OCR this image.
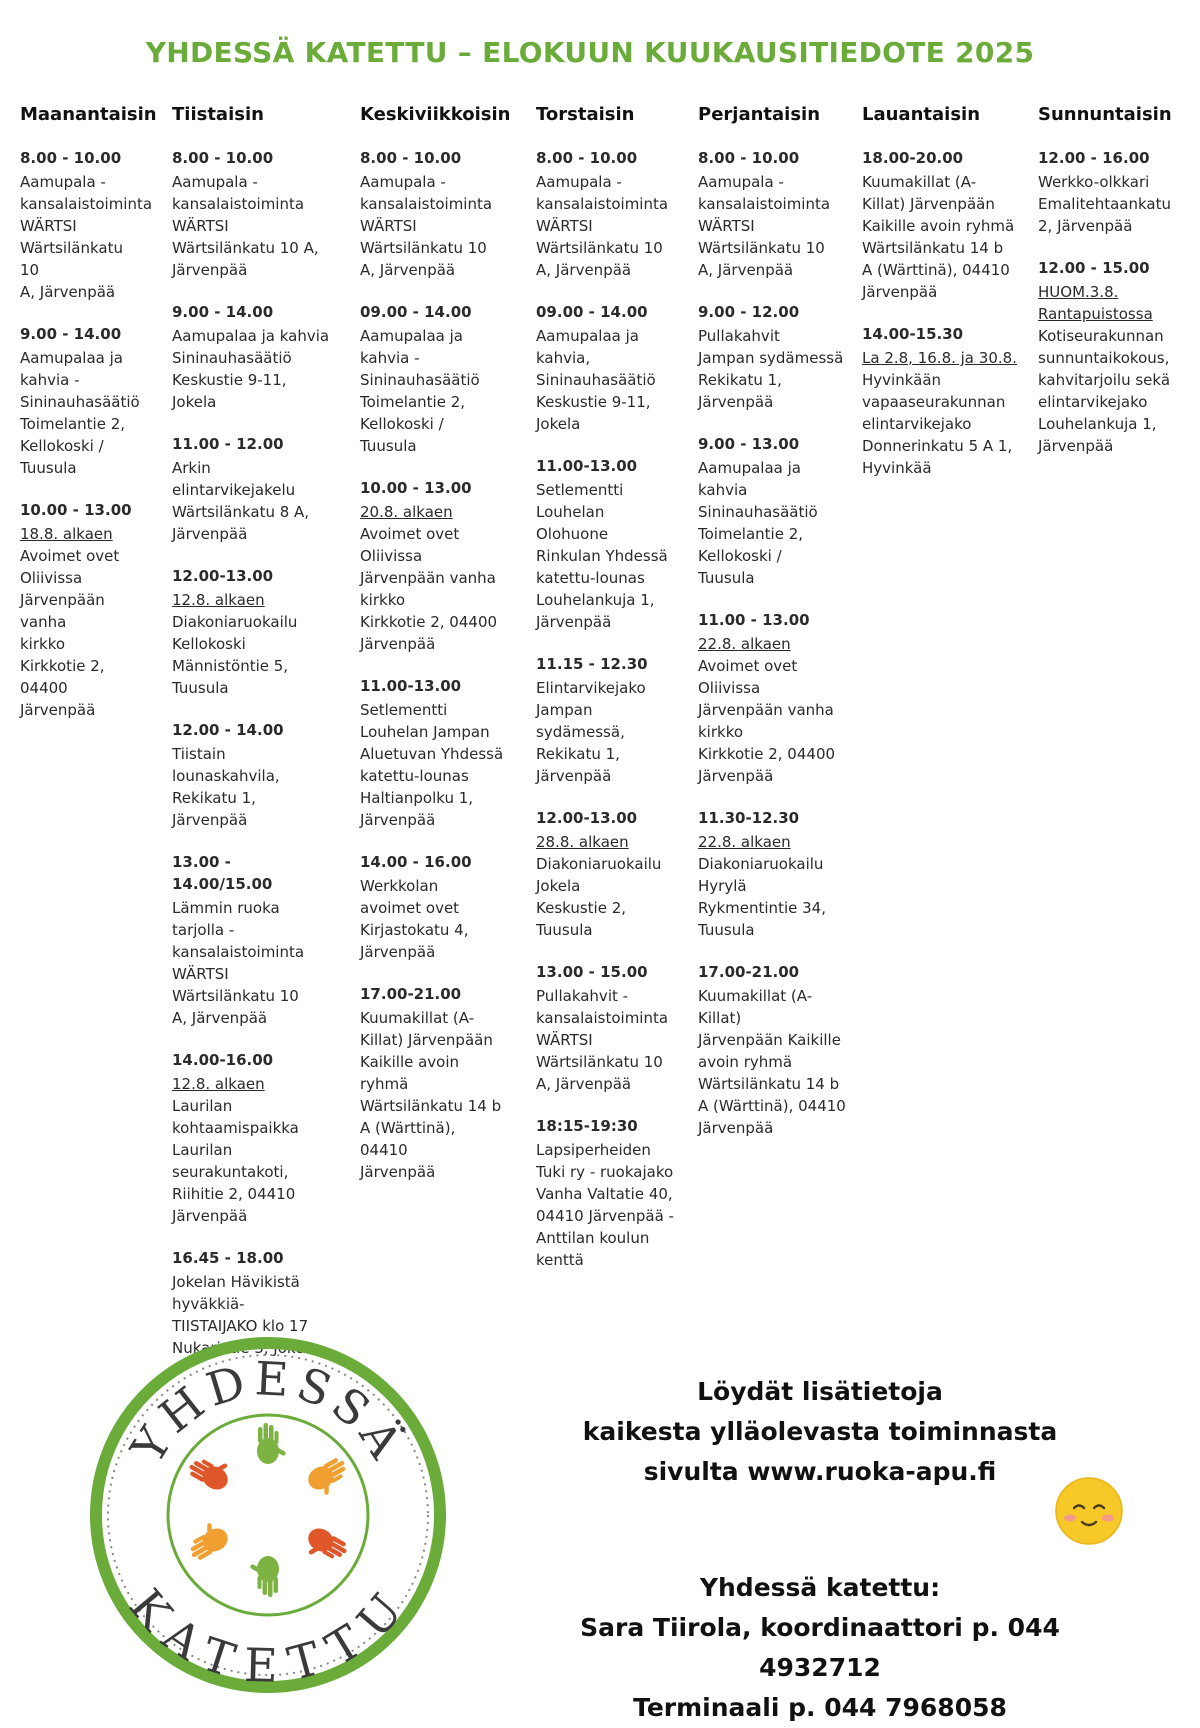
YHDESSÄ KATETTU – ELOKUUN KUUKAUSITIEDOTE 2025
Maanantaisin
8.00 - 10.00
Aamupala -
kansalaistoiminta
WÄRTSI
Wärtsilänkatu 10
A, Järvenpää
9.00 - 14.00
Aamupalaa ja
kahvia -
Sininauhasäätiö
Toimelantie 2,
Kellokoski /
Tuusula
10.00 - 13.00
18.8. alkaen
Avoimet ovet
Oliivissa
Järvenpään vanha
kirkko
Kirkkotie 2, 04400
Järvenpää
Tiistaisin
8.00 - 10.00
Aamupala -
kansalaistoiminta
WÄRTSI
Wärtsilänkatu 10 A,
Järvenpää
9.00 - 14.00
Aamupalaa ja kahvia
Sininauhasäätiö
Keskustie 9-11, Jokela
11.00 - 12.00
Arkin elintarvikejakelu
Wärtsilänkatu 8 A,
Järvenpää
12.00-13.00
12.8. alkaen
Diakoniaruokailu
Kellokoski
Männistöntie 5,
Tuusula
12.00 - 14.00
Tiistain
lounaskahvila,
Rekikatu 1,
Järvenpää
13.00 -
14.00/15.00
Lämmin ruoka
tarjolla -
kansalaistoiminta
WÄRTSI
Wärtsilänkatu 10
A, Järvenpää
14.00-16.00
12.8. alkaen
Laurilan
kohtaamispaikka
Laurilan
seurakuntakoti,
Riihitie 2, 04410
Järvenpää
16.45 - 18.00
Jokelan Hävikistä
hyväkkiä-
TIISTAIJAKO klo 17
Nukarintie 3, Jokela
Keskiviikkoisin
8.00 - 10.00
Aamupala -
kansalaistoiminta
WÄRTSI
Wärtsilänkatu 10
A, Järvenpää
09.00 - 14.00
Aamupalaa ja
kahvia -
Sininauhasäätiö
Toimelantie 2,
Kellokoski /
Tuusula
10.00 - 13.00
20.8. alkaen
Avoimet ovet
Oliivissa
Järvenpään vanha
kirkko
Kirkkotie 2, 04400
Järvenpää
11.00-13.00
Setlementti
Louhelan Jampan
Aluetuvan Yhdessä
katettu-lounas
Haltianpolku 1,
Järvenpää
14.00 - 16.00
Werkkolan
avoimet ovet
Kirjastokatu 4,
Järvenpää
17.00-21.00
Kuumakillat (A-
Killat) Järvenpään
Kaikille avoin ryhmä
Wärtsilänkatu 14 b
A (Wärttinä), 04410
Järvenpää
Torstaisin
8.00 - 10.00
Aamupala -
kansalaistoiminta
WÄRTSI
Wärtsilänkatu 10
A, Järvenpää
09.00 - 14.00
Aamupalaa ja
kahvia,
Sininauhasäätiö
Keskustie 9-11,
Jokela
11.00-13.00
Setlementti
Louhelan
Olohuone
Rinkulan Yhdessä
katettu-lounas
Louhelankuja 1,
Järvenpää
11.15 - 12.30
Elintarvikejako
Jampan
sydämessä,
Rekikatu 1,
Järvenpää
12.00-13.00
28.8. alkaen
Diakoniaruokailu
Jokela
Keskustie 2,
Tuusula
13.00 - 15.00
Pullakahvit -
kansalaistoiminta
WÄRTSI
Wärtsilänkatu 10
A, Järvenpää
18:15-19:30
Lapsiperheiden
Tuki ry - ruokajako
Vanha Valtatie 40,
04410 Järvenpää -
Anttilan koulun
kenttä
Perjantaisin
8.00 - 10.00
Aamupala -
kansalaistoiminta
WÄRTSI
Wärtsilänkatu 10
A, Järvenpää
9.00 - 12.00
Pullakahvit
Jampan sydämessä
Rekikatu 1,
Järvenpää
9.00 - 13.00
Aamupalaa ja
kahvia
Sininauhasäätiö
Toimelantie 2,
Kellokoski /
Tuusula
11.00 - 13.00
22.8. alkaen
Avoimet ovet
Oliivissa
Järvenpään vanha
kirkko
Kirkkotie 2, 04400
Järvenpää
11.30-12.30
22.8. alkaen
Diakoniaruokailu
Hyrylä
Rykmentintie 34,
Tuusula
17.00-21.00
Kuumakillat (A-Killat)
Järvenpään Kaikille
avoin ryhmä
Wärtsilänkatu 14 b
A (Wärttinä), 04410
Järvenpää
Lauantaisin
18.00-20.00
Kuumakillat (A-
Killat) Järvenpään
Kaikille avoin ryhmä
Wärtsilänkatu 14 b
A (Wärttinä), 04410
Järvenpää
14.00-15.30
La 2.8, 16.8. ja 30.8.
Hyvinkään
vapaaseurakunnan
elintarvikejako
Donnerinkatu 5 A 1,
Hyvinkää
Sunnuntaisin
12.00 - 16.00
Werkko-olkkari
Emalitehtaankatu
2, Järvenpää
12.00 - 15.00
HUOM.3.8.
Rantapuistossa
Kotiseurakunnan
sunnuntaikokous,
kahvitarjoilu sekä
elintarvikejako
Louhelankuja 1,
Järvenpää
YHDESSÄ
KATETTU
Löydät lisätietoja
kaikesta ylläolevasta toiminnasta
sivulta www.ruoka-apu.fi
Yhdessä katettu:
Sara Tiirola, koordinaattori p. 044 4932712
Terminaali p. 044 7968058
